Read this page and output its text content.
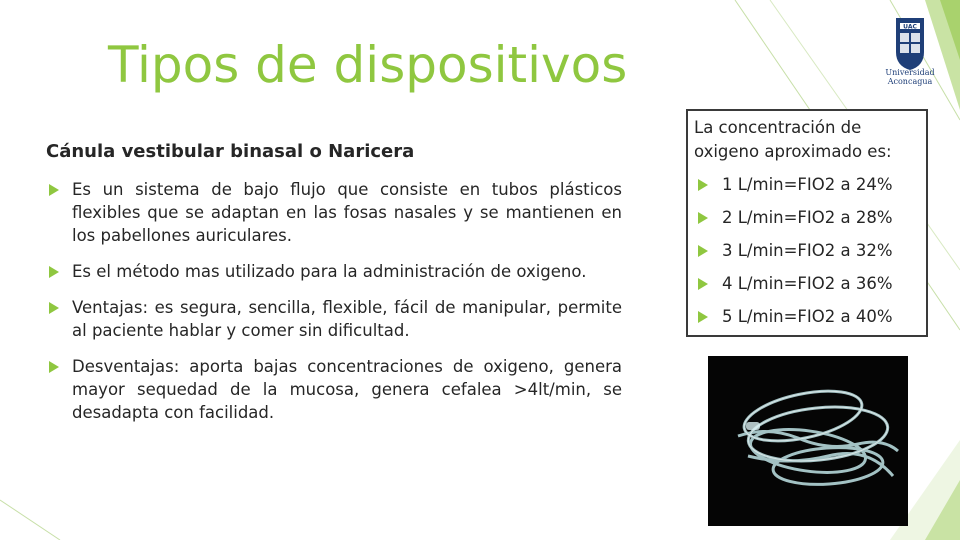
Tipos de dispositivos
UAC
Universidad
Aconcagua
Cánula vestibular binasal o Naricera
Es un sistema de bajo flujo que consiste en tubos plásticos flexibles que se adaptan en las fosas nasales y se mantienen en los pabellones auriculares.
Es el método mas utilizado para la administración de oxigeno.
Ventajas: es segura, sencilla, flexible, fácil de manipular, permite al paciente hablar y comer sin dificultad.
Desventajas: aporta bajas concentraciones de oxigeno, genera mayor sequedad de la mucosa, genera cefalea >4lt/min, se desadapta con facilidad.
La concentración de oxigeno aproximado es:
1 L/min=FIO2 a 24%
2 L/min=FIO2 a 28%
3 L/min=FIO2 a 32%
4 L/min=FIO2 a 36%
5 L/min=FIO2 a 40%
